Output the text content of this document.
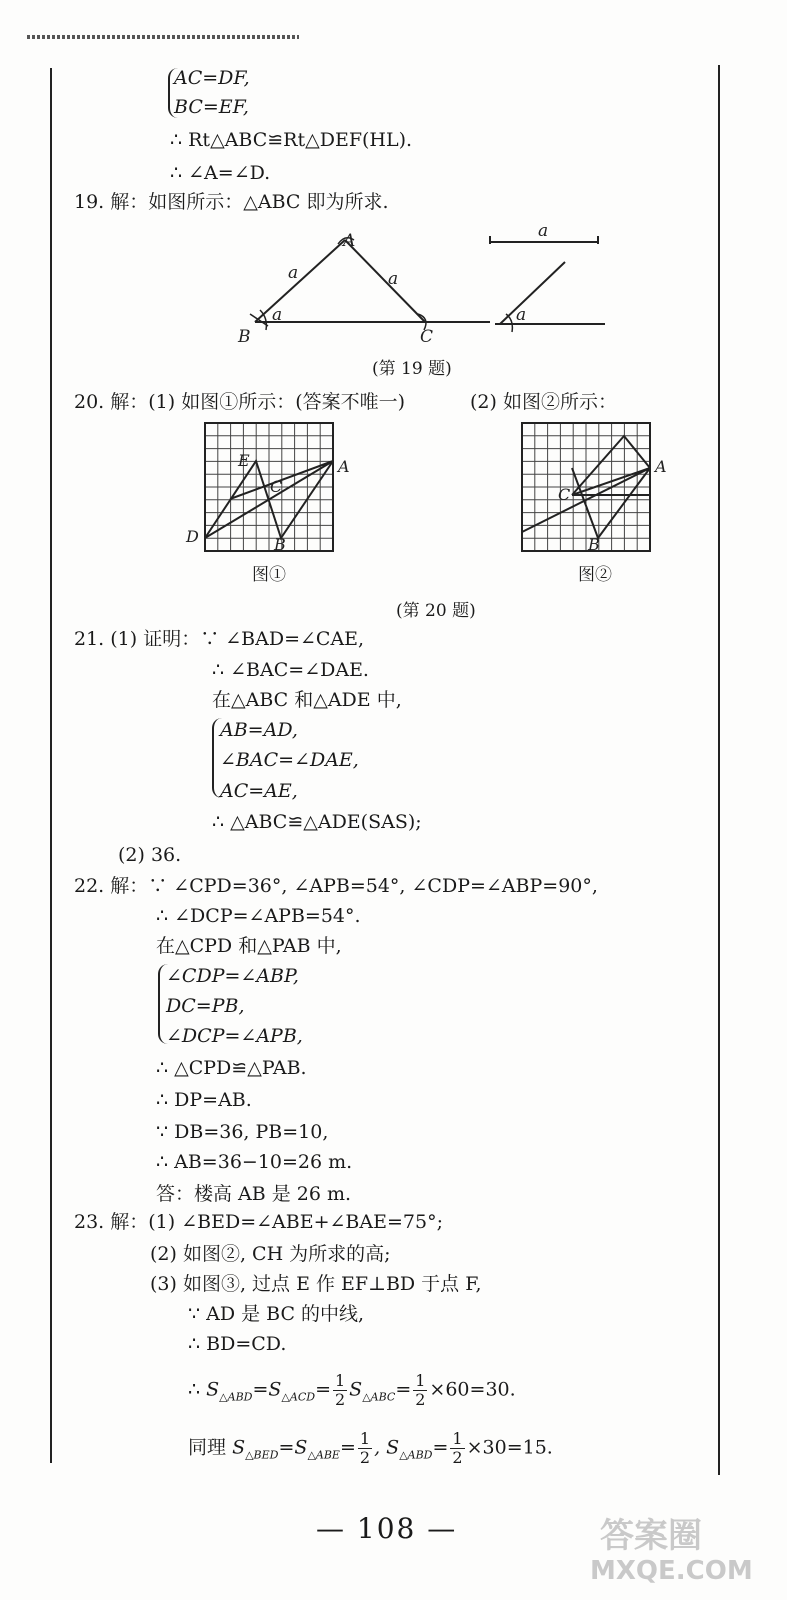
AC=DF,
BC=EF,
∴ Rt△ABC≌Rt△DEF(HL).
∴ ∠A=∠D.
19. 解：如图所示：△ABC 即为所求.
A
B	C
a	a
a
a
a
(第 19 题)
20. 解：(1) 如图①所示：(答案不唯一)	(2) 如图②所示：
E
C
A
D	B
图①
C
A
B
图②
(第 20 题)
21. (1) 证明：∵ ∠BAD=∠CAE,
∴ ∠BAC=∠DAE.
在△ABC 和△ADE 中,
AB=AD,
∠BAC=∠DAE,
AC=AE,
∴ △ABC≌△ADE(SAS);
(2) 36.
22. 解：∵ ∠CPD=36°, ∠APB=54°, ∠CDP=∠ABP=90°,
∴ ∠DCP=∠APB=54°.
在△CPD 和△PAB 中,
∠CDP=∠ABP,
DC=PB,
∠DCP=∠APB,
∴ △CPD≌△PAB.
∴ DP=AB.
∵ DB=36, PB=10,
∴ AB=36−10=26 m.
答：楼高 AB 是 26 m.
23. 解：(1) ∠BED=∠ABE+∠BAE=75°;
(2) 如图②, CH 为所求的高;
(3) 如图③, 过点 E 作 EF⊥BD 于点 F,
∵ AD 是 BC 的中线,
∴ BD=CD.
∴ $S_{\triangle ABD}=S_{\triangle ACD}= \frac{1}{2} S_{\triangle ABC}= \frac{1}{2} \times 60=30$.
同理 $S_{\triangle BED}=S_{\triangle ABE}= \frac{1}{2}$ , $S_{\triangle ABD}= \frac{1}{2} \times 30=15$.
— 108 —	答案圈
MXQE.COM
